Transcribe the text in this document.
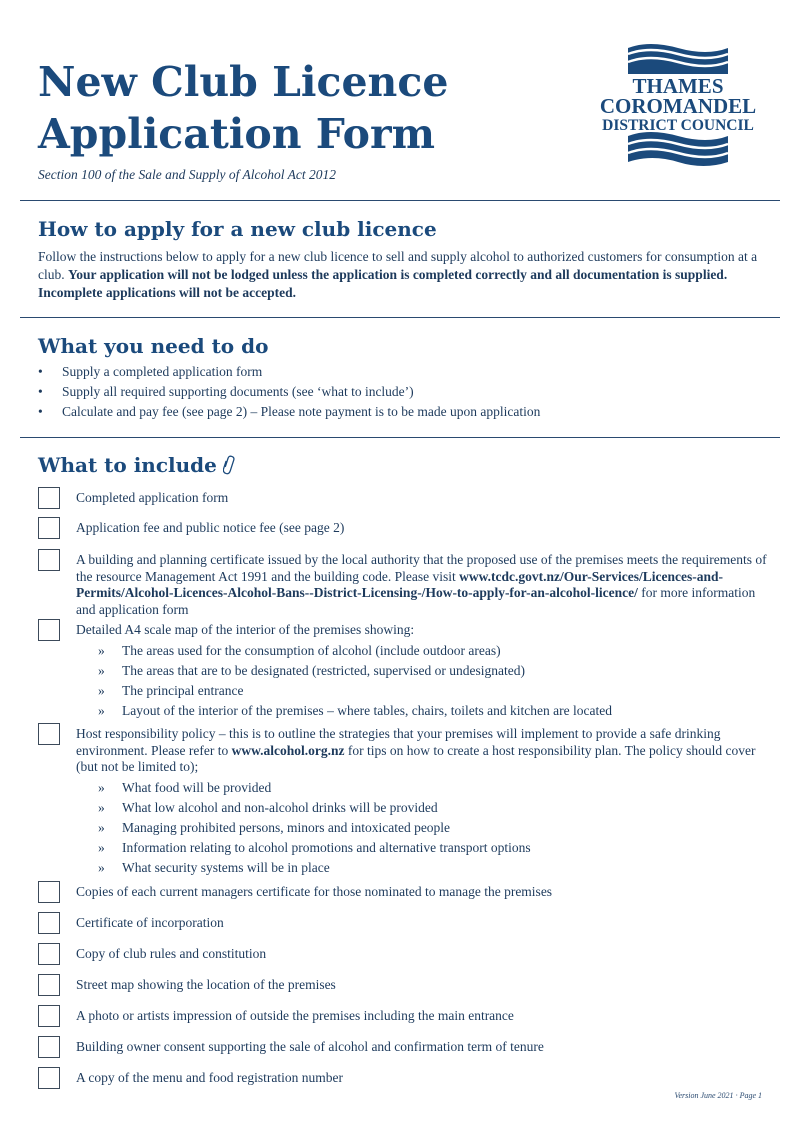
New Club Licence
Application Form

Section 100 of the Sale and Supply of Alcohol Act 2012

THAMES
COROMANDEL
DISTRICT COUNCIL
How to apply for a new club licence

Follow the instructions below to apply for a new club licence to sell and supply alcohol to authorized customers for consumption at a club. Your application will not be lodged unless the application is completed correctly and all documentation is supplied. Incomplete applications will not be accepted.

What you need to do
• Supply a completed application form
• Supply all required supporting documents (see ‘what to include’)
• Calculate and pay fee (see page 2) – Please note payment is to be made upon application
What to include
Completed application form
Application fee and public notice fee (see page 2)
A building and planning certificate issued by the local authority that the proposed use of the premises meets the requirements of the resource Management Act 1991 and the building code. Please visit www.tcdc.govt.nz/Our-Services/Licences-and-Permits/Alcohol-Licences-Alcohol-Bans--District-Licensing-/How-to-apply-for-an-alcohol-licence/ for more information and application form
Detailed A4 scale map of the interior of the premises showing:
» The areas used for the consumption of alcohol (include outdoor areas)
» The areas that are to be designated (restricted, supervised or undesignated)
» The principal entrance
» Layout of the interior of the premises – where tables, chairs, toilets and kitchen are located
Host responsibility policy – this is to outline the strategies that your premises will implement to provide a safe drinking environment. Please refer to www.alcohol.org.nz for tips on how to create a host responsibility plan. The policy should cover (but not be limited to);
» What food will be provided
» What low alcohol and non-alcohol drinks will be provided
» Managing prohibited persons, minors and intoxicated people
» Information relating to alcohol promotions and alternative transport options
» What security systems will be in place
Copies of each current managers certificate for those nominated to manage the premises
Certificate of incorporation
Copy of club rules and constitution
Street map showing the location of the premises
A photo or artists impression of outside the premises including the main entrance
Building owner consent supporting the sale of alcohol and confirmation term of tenure
A copy of the menu and food registration number
Version June 2021 · Page 1
